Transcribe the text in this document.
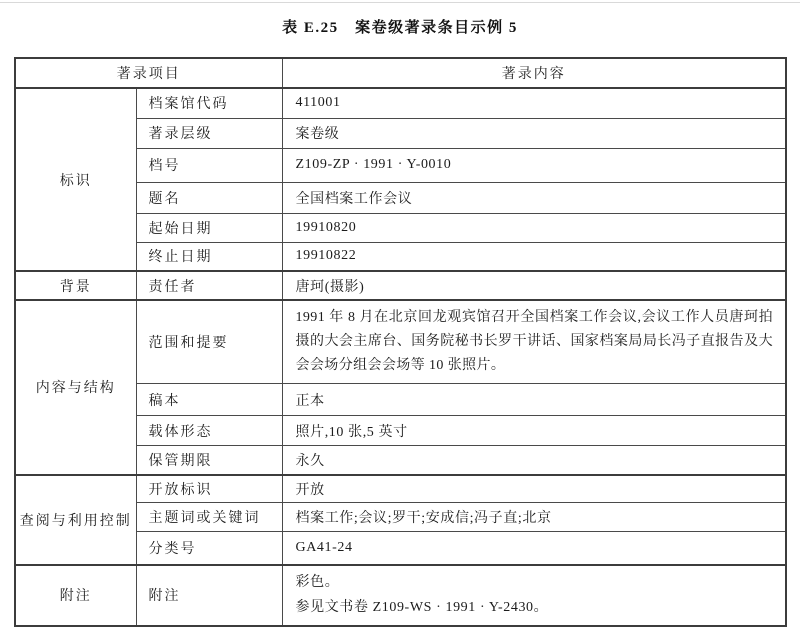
表 E.25　案卷级著录条目示例 5
著录项目		著录内容
标识	档案馆代码	411001
	著录层级	案卷级
	档号	Z109-ZP · 1991 · Y-0010
	题名	全国档案工作会议
	起始日期	19910820
	终止日期	19910822
背景	责任者	唐珂(摄影)
内容与结构	范围和提要	1991 年 8 月在北京回龙观宾馆召开全国档案工作会议,会议工作人员唐珂拍摄的大会主席台、国务院秘书长罗干讲话、国家档案局局长冯子直报告及大会会场分组会会场等 10 张照片。
	稿本	正本
	载体形态	照片,10 张,5 英寸
	保管期限	永久
查阅与利用控制	开放标识	开放
	主题词或关键词	档案工作;会议;罗干;安成信;冯子直;北京
	分类号	GA41-24
附注	附注	彩色。
参见文书卷 Z109-WS · 1991 · Y-2430。
